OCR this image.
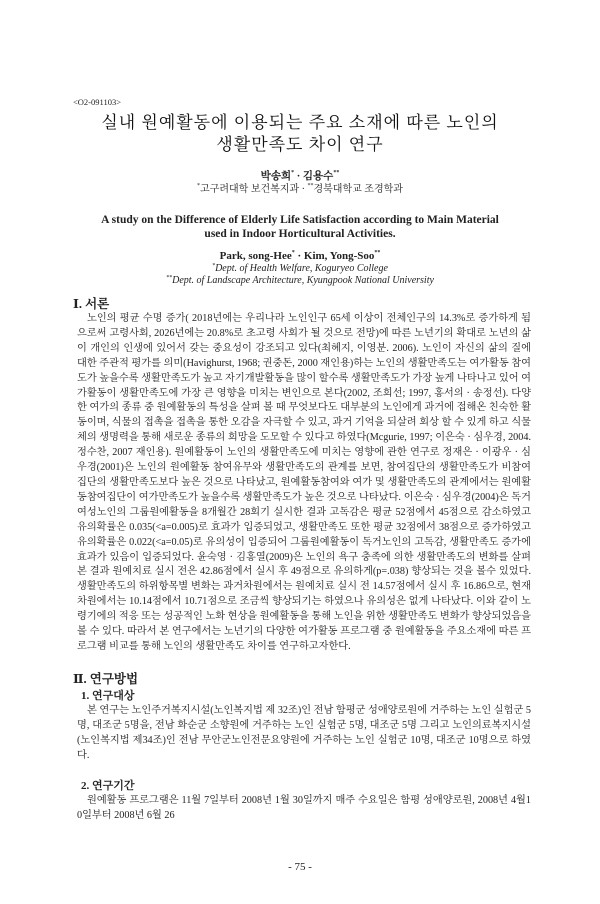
<O2-091103>
실내 원예활동에 이용되는 주요 소재에 따른 노인의
생활만족도 차이 연구
박송희* · 김용수**
*고구려대학 보건복지과 · **경북대학교 조경학과
A study on the Difference of Elderly Life Satisfaction according to Main Material
used in Indoor Horticultural Activities.
Park, song-Hee* · Kim, Yong-Soo**
*Dept. of Health Welfare, Koguryeo College
**Dept. of Landscape Architecture, Kyungpook National University
Ⅰ. 서론

노인의 평균 수명 증가( 2018년에는 우리나라 노인인구 65세 이상이 전체인구의 14.3%로 증가하게 됨으로써 고령사회, 2026년에는 20.8%로 초고령 사회가 될 것으로 전망)에 따른 노년기의 확대로 노년의 삶이 개인의 인생에 있어서 갖는 중요성이 강조되고 있다(최혜지, 이영분. 2006). 노인이 자신의 삶의 질에 대한 주관적 평가를 의미(Havighurst, 1968; 권중돈, 2000 재인용)하는 노인의 생활만족도는 여가활동 참여도가 높을수록 생활만족도가 높고 자기개발활동을 많이 할수록 생활만족도가 가장 높게 나타나고 있어 여가활동이 생활만족도에 가장 큰 영향을 미치는 변인으로 본다(2002, 조희선; 1997, 홍서의 · 송정선). 다양한 여가의 종류 중 원예활동의 특성을 살펴 볼 때 무엇보다도 대부분의 노인에게 과거에 접해온 친숙한 활동이며, 식물의 접촉을 접촉을 통한 오감을 자극할 수 있고, 과거 기억을 되살려 회상 할 수 있게 하고 식물체의 생명력을 통해 새로운 종류의 희망을 도모할 수 있다고 하였다(Mcgurie, 1997; 이은숙 · 심우경, 2004. 정수찬, 2007 재인용). 원예활동이 노인의 생활만족도에 미치는 영향에 관한 연구로 정재은 · 이광우 · 심우경(2001)은 노인의 원예활동 참여유무와 생활만족도의 관계를 보면, 참여집단의 생활만족도가 비참여집단의 생활만족도보다 높은 것으로 나타났고, 원예활동참여와 여가 및 생활만족도의 관계에서는 원예활동참여집단이 여가만족도가 높을수록 생활만족도가 높은 것으로 나타났다. 이은숙 · 심우경(2004)은 독거여성노인의 그룹원예활동을 8개월간 28회기 실시한 결과 고독감은 평균 52점에서 45점으로 감소하였고 유의확률은 0.035(<a=0.005)로 효과가 입증되었고, 생활만족도 또한 평균 32점에서 38점으로 증가하였고 유의확률은 0.022(<a=0.05)로 유의성이 입증되어 그룹원예활동이 독거노인의 고독감, 생활만족도 증가에 효과가 있음이 입증되었다. 윤숙영 · 김홍열(2009)은 노인의 욕구 충족에 의한 생활만족도의 변화를 살펴 본 결과 원예치료 실시 전은 42.86점에서 실시 후 49점으로 유의하게(p=.038) 향상되는 것을 볼수 있었다. 생활만족도의 하위항목별 변화는 과거차원에서는 원예치료 실시 전 14.57점에서 실시 후 16.86으로, 현재차원에서는 10.14점에서 10.71점으로 조금씩 향상되기는 하였으나 유의성은 없게 나타났다. 이와 같이 노령기에의 적응 또는 성공적인 노화 현상을 원예활동을 통해 노인을 위한 생활만족도 변화가 향상되었음을 볼 수 있다. 따라서 본 연구에서는 노년기의 다양한 여가활동 프로그램 중 원예활동을 주요소재에 따른 프로그램 비교를 통해 노인의 생활만족도 차이를 연구하고자한다.

Ⅱ. 연구방법
1. 연구대상

본 연구는 노인주거복지시설(노인복지법 제 32조)인 전남 함평군 성애양로원에 거주하는 노인 실험군 5명, 대조군 5명을, 전남 화순군 소향원에 거주하는 노인 실험군 5명, 대조군 5명 그리고 노인의료복지시설(노인복지법 제34조)인 전남 무안군노인전문요양원에 거주하는 노인 실험군 10명, 대조군 10명으로 하였다.

2. 연구기간

원예활동 프로그램은 11월 7일부터 2008년 1월 30일까지 매주 수요일은 함평 성애양로원, 2008년 4월10일부터 2008년 6월 26

- 75 -
